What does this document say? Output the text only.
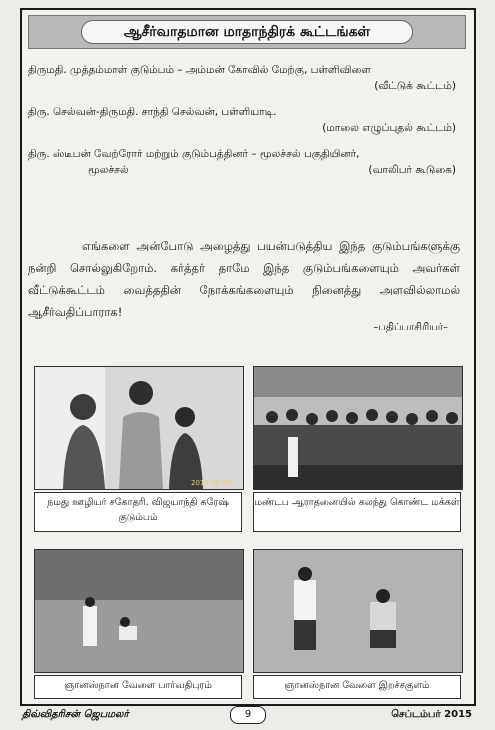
ஆசீர்வாதமான மாதாந்திரக் கூட்டங்கள்
திருமதி. முத்தம்மாள் குடும்பம் – அம்மன் கோவில் மேற்கு, பள்ளிவிளை
(வீட்டுக் கூட்டம்)
திரு. செல்வன்-திருமதி. சாந்தி செல்வன், பள்ளியாடி.
(மாலை எழுப்புதல் கூட்டம்)
திரு. ஸ்டீபன் வேற்ரோர் மற்றும் குடும்பத்தினர் – மூலச்சல் பகுதியினர்,
மூலச்சல்	(வாலிபர் கூடுகை)
எங்களை அன்போடு அழைத்து பயன்படுத்திய இந்த குடும்பங்களுக்கு நன்றி சொல்லுகிறோம். கர்த்தர் தாமே இந்த குடும்பங்களையும் அவர்கள் வீட்டுக்கூட்டம் வைத்ததின் நோக்கங்களையும் நினைத்து அளவில்லாமல் ஆசீர்வதிப்பாராக!
–பதிப்பாசிரியர்–
2014 09 20
நமது ஊழியர் சகோதரி. விஜயாந்தி சுரேஷ் குடும்பம்
மண்டப ஆராதனையில் கலந்து கொண்ட மக்கள்
ஞானஸ்நான வேளை பார்வதிபுரம்	ஞானஸ்நான வேளை இறச்சகுளம்
திவ்விதரிசன் ஜெபமலர்	9	செப்டம்பர் 2015
